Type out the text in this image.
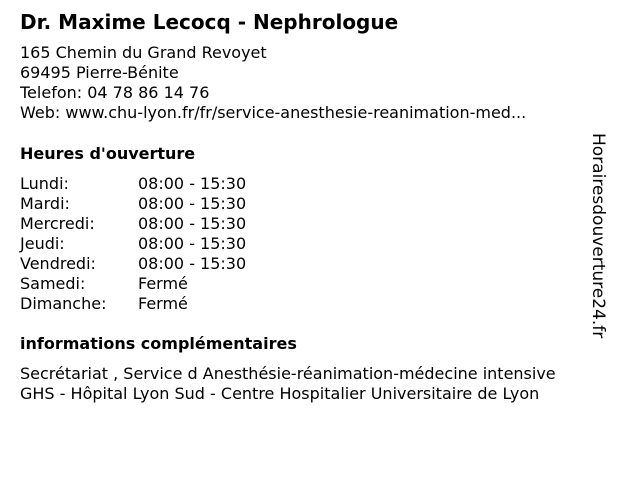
Dr. Maxime Lecocq - Nephrologue
165 Chemin du Grand Revoyet
69495 Pierre-Bénite
Telefon: 04 78 86 14 76
Web: www.chu-lyon.fr/fr/service-anesthesie-reanimation-med...
Heures d'ouverture
Lundi:	08:00 - 15:30
Mardi:	08:00 - 15:30
Mercredi:	08:00 - 15:30
Jeudi:	08:00 - 15:30
Vendredi:	08:00 - 15:30
Samedi:	Fermé
Dimanche: Fermé
informations complémentaires
Secrétariat , Service d Anesthésie-réanimation-médecine intensive
GHS - Hôpital Lyon Sud - Centre Hospitalier Universitaire de Lyon
Horairesdouverture24.fr
